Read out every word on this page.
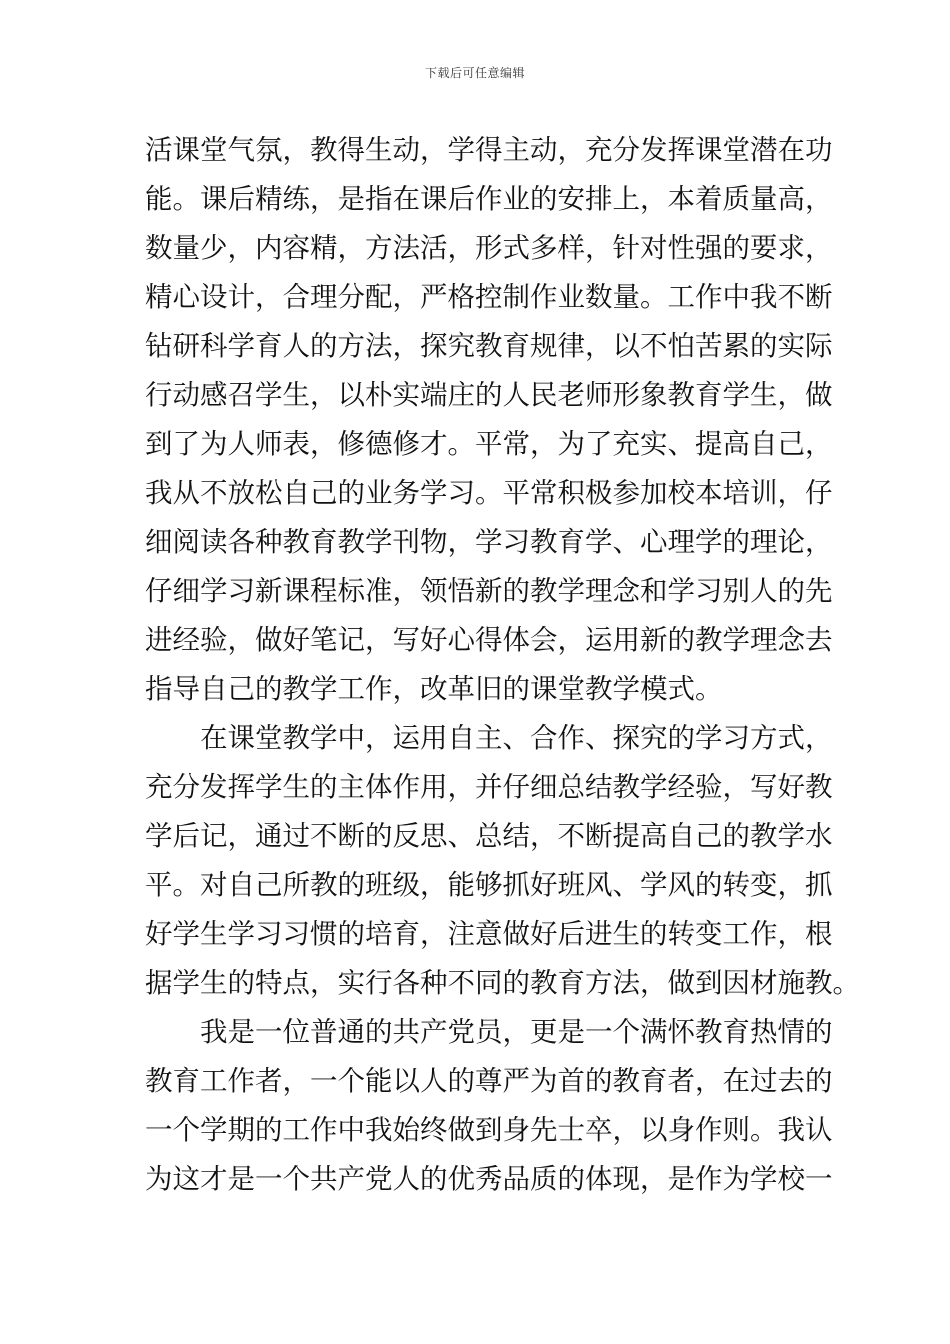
下载后可任意编辑
活课堂气氛，教得生动，学得主动，充分发挥课堂潜在功
能。课后精练，是指在课后作业的安排上，本着质量高，
数量少，内容精，方法活，形式多样，针对性强的要求，
精心设计，合理分配，严格控制作业数量。工作中我不断
钻研科学育人的方法，探究教育规律，以不怕苦累的实际
行动感召学生，以朴实端庄的人民老师形象教育学生，做
到了为人师表，修德修才。平常，为了充实、提高自己，
我从不放松自己的业务学习。平常积极参加校本培训，仔
细阅读各种教育教学刊物，学习教育学、心理学的理论，
仔细学习新课程标准，领悟新的教学理念和学习别人的先
进经验，做好笔记，写好心得体会，运用新的教学理念去
指导自己的教学工作，改革旧的课堂教学模式。
在课堂教学中，运用自主、合作、探究的学习方式，
充分发挥学生的主体作用，并仔细总结教学经验，写好教
学后记，通过不断的反思、总结，不断提高自己的教学水
平。对自己所教的班级，能够抓好班风、学风的转变，抓
好学生学习习惯的培育，注意做好后进生的转变工作，根
据学生的特点，实行各种不同的教育方法，做到因材施教。
我是一位普通的共产党员，更是一个满怀教育热情的
教育工作者，一个能以人的尊严为首的教育者，在过去的
一个学期的工作中我始终做到身先士卒，以身作则。我认
为这才是一个共产党人的优秀品质的体现，是作为学校一
